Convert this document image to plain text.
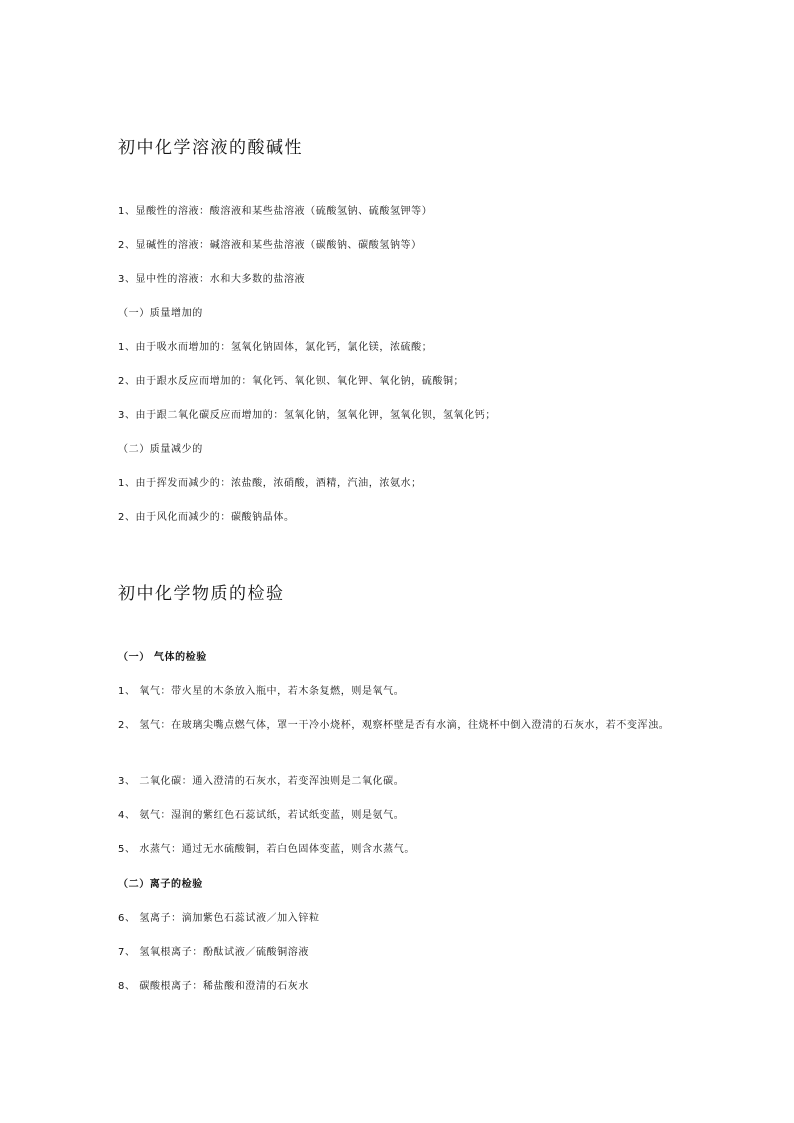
初中化学溶液的酸碱性
1、显酸性的溶液：酸溶液和某些盐溶液（硫酸氢钠、硫酸氢钾等）
2、显碱性的溶液：碱溶液和某些盐溶液（碳酸钠、碳酸氢钠等）
3、显中性的溶液：水和大多数的盐溶液
（一）质量增加的
1、由于吸水而增加的：氢氧化钠固体，氯化钙，氯化镁，浓硫酸；
2、由于跟水反应而增加的：氧化钙、氧化钡、氧化钾、氧化钠，硫酸铜；
3、由于跟二氧化碳反应而增加的：氢氧化钠，氢氧化钾，氢氧化钡，氢氧化钙；
（二）质量减少的
1、由于挥发而减少的：浓盐酸，浓硝酸，酒精，汽油，浓氨水；
2、由于风化而减少的：碳酸钠晶体。
初中化学物质的检验
（一） 气体的检验
1、 氧气：带火星的木条放入瓶中，若木条复燃，则是氧气。
2、 氢气：在玻璃尖嘴点燃气体，罩一干冷小烧杯，观察杯壁是否有水滴，往烧杯中倒入澄清的石灰水，若不变浑浊。
3、 二氧化碳：通入澄清的石灰水，若变浑浊则是二氧化碳。
4、 氨气：湿润的紫红色石蕊试纸，若试纸变蓝，则是氨气。
5、 水蒸气：通过无水硫酸铜，若白色固体变蓝，则含水蒸气。
（二）离子的检验
6、 氢离子：滴加紫色石蕊试液／加入锌粒
7、 氢氧根离子：酚酞试液／硫酸铜溶液
8、 碳酸根离子：稀盐酸和澄清的石灰水
